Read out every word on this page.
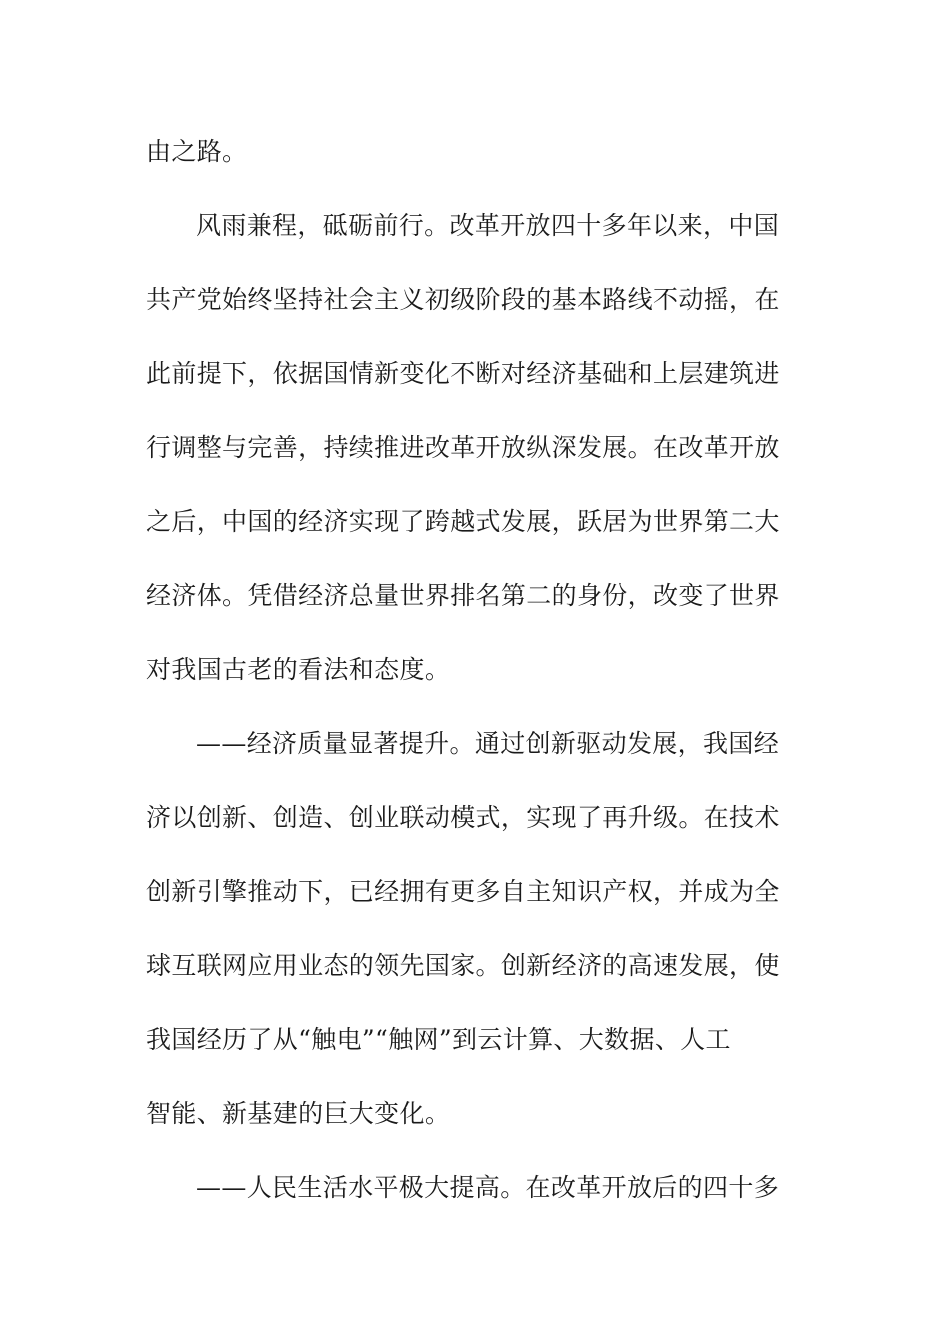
由之路。
风雨兼程，砥砺前行。改革开放四十多年以来，中国
共产党始终坚持社会主义初级阶段的基本路线不动摇，在
此前提下，依据国情新变化不断对经济基础和上层建筑进
行调整与完善，持续推进改革开放纵深发展。在改革开放
之后，中国的经济实现了跨越式发展，跃居为世界第二大
经济体。凭借经济总量世界排名第二的身份，改变了世界
对我国古老的看法和态度。
——经济质量显著提升。通过创新驱动发展，我国经
济以创新、创造、创业联动模式，实现了再升级。在技术
创新引擎推动下，已经拥有更多自主知识产权，并成为全
球互联网应用业态的领先国家。创新经济的高速发展，使
我国经历了从“触电”“触网”到云计算、大数据、人工
智能、新基建的巨大变化。
——人民生活水平极大提高。在改革开放后的四十多
